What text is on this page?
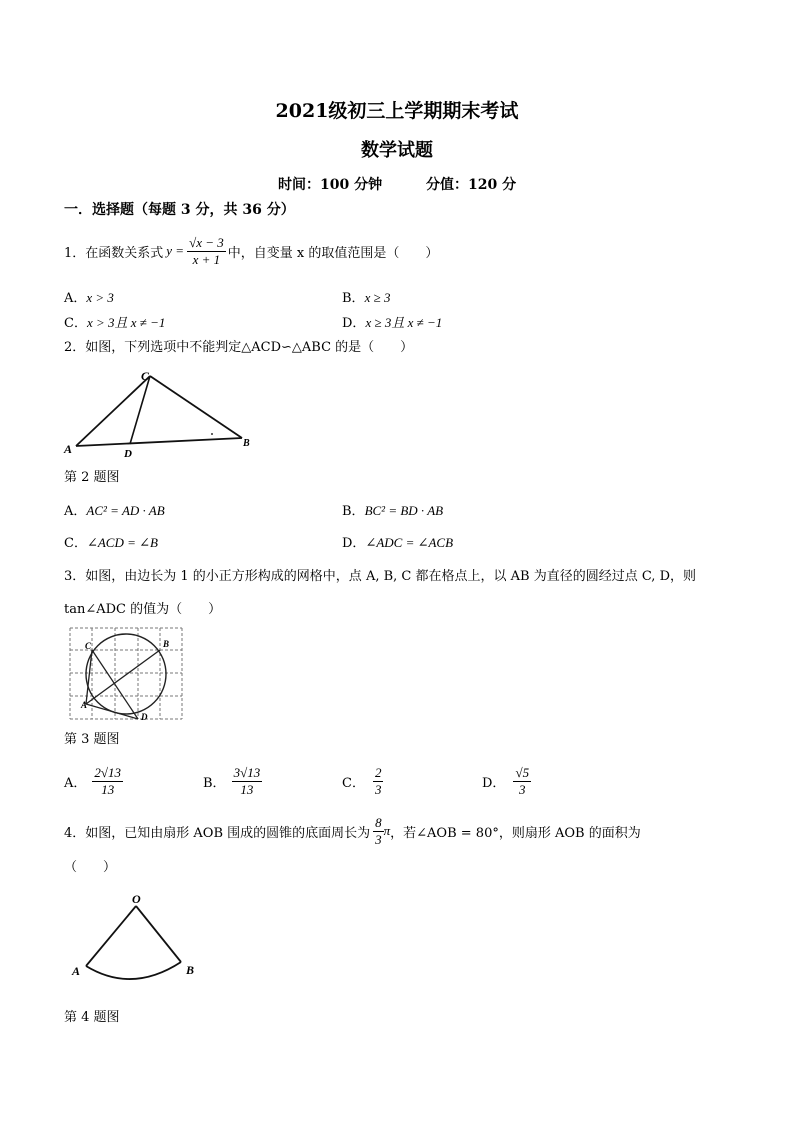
2021级初三上学期期末考试
数学试题
时间：100 分钟	分值：120 分
一．选择题（每题 3 分，共 36 分）
1．在函数关系式 $y = \frac{√x - 3}{x + 1}$ 中，自变量 x 的取值范围是（　　）
A．x > 3	B．x ≥ 3
C．x > 3且 x ≠ −1	D．x ≥ 3且 x ≠ −1
2．如图，下列选项中不能判定△ACD∽△ABC 的是（　　）
C
A	D
B
第 2 题图
A．AC² = AD · AB	B．BC² = BD · AB
C．∠ACD = ∠B	D．∠ADC = ∠ACB
3．如图，由边长为 1 的小正方形构成的网格中，点 A, B, C 都在格点上，以 AB 为直径的圆经过点 C, D，则
tan∠ADC 的值为（　　）
C	B
A
D
第 3 题图
A． $\frac{2√13}{13}$	B． $\frac{3√13}{13}$	C． $\frac{2}{3}$	D． $\frac{√5}{3}$
4．如图，已知由扇形 AOB 围成的圆锥的底面周长为 $\frac{8}{3}$ π ，若∠AOB = 80°，则扇形 AOB 的面积为
（　　）
O
A	B
第 4 题图
